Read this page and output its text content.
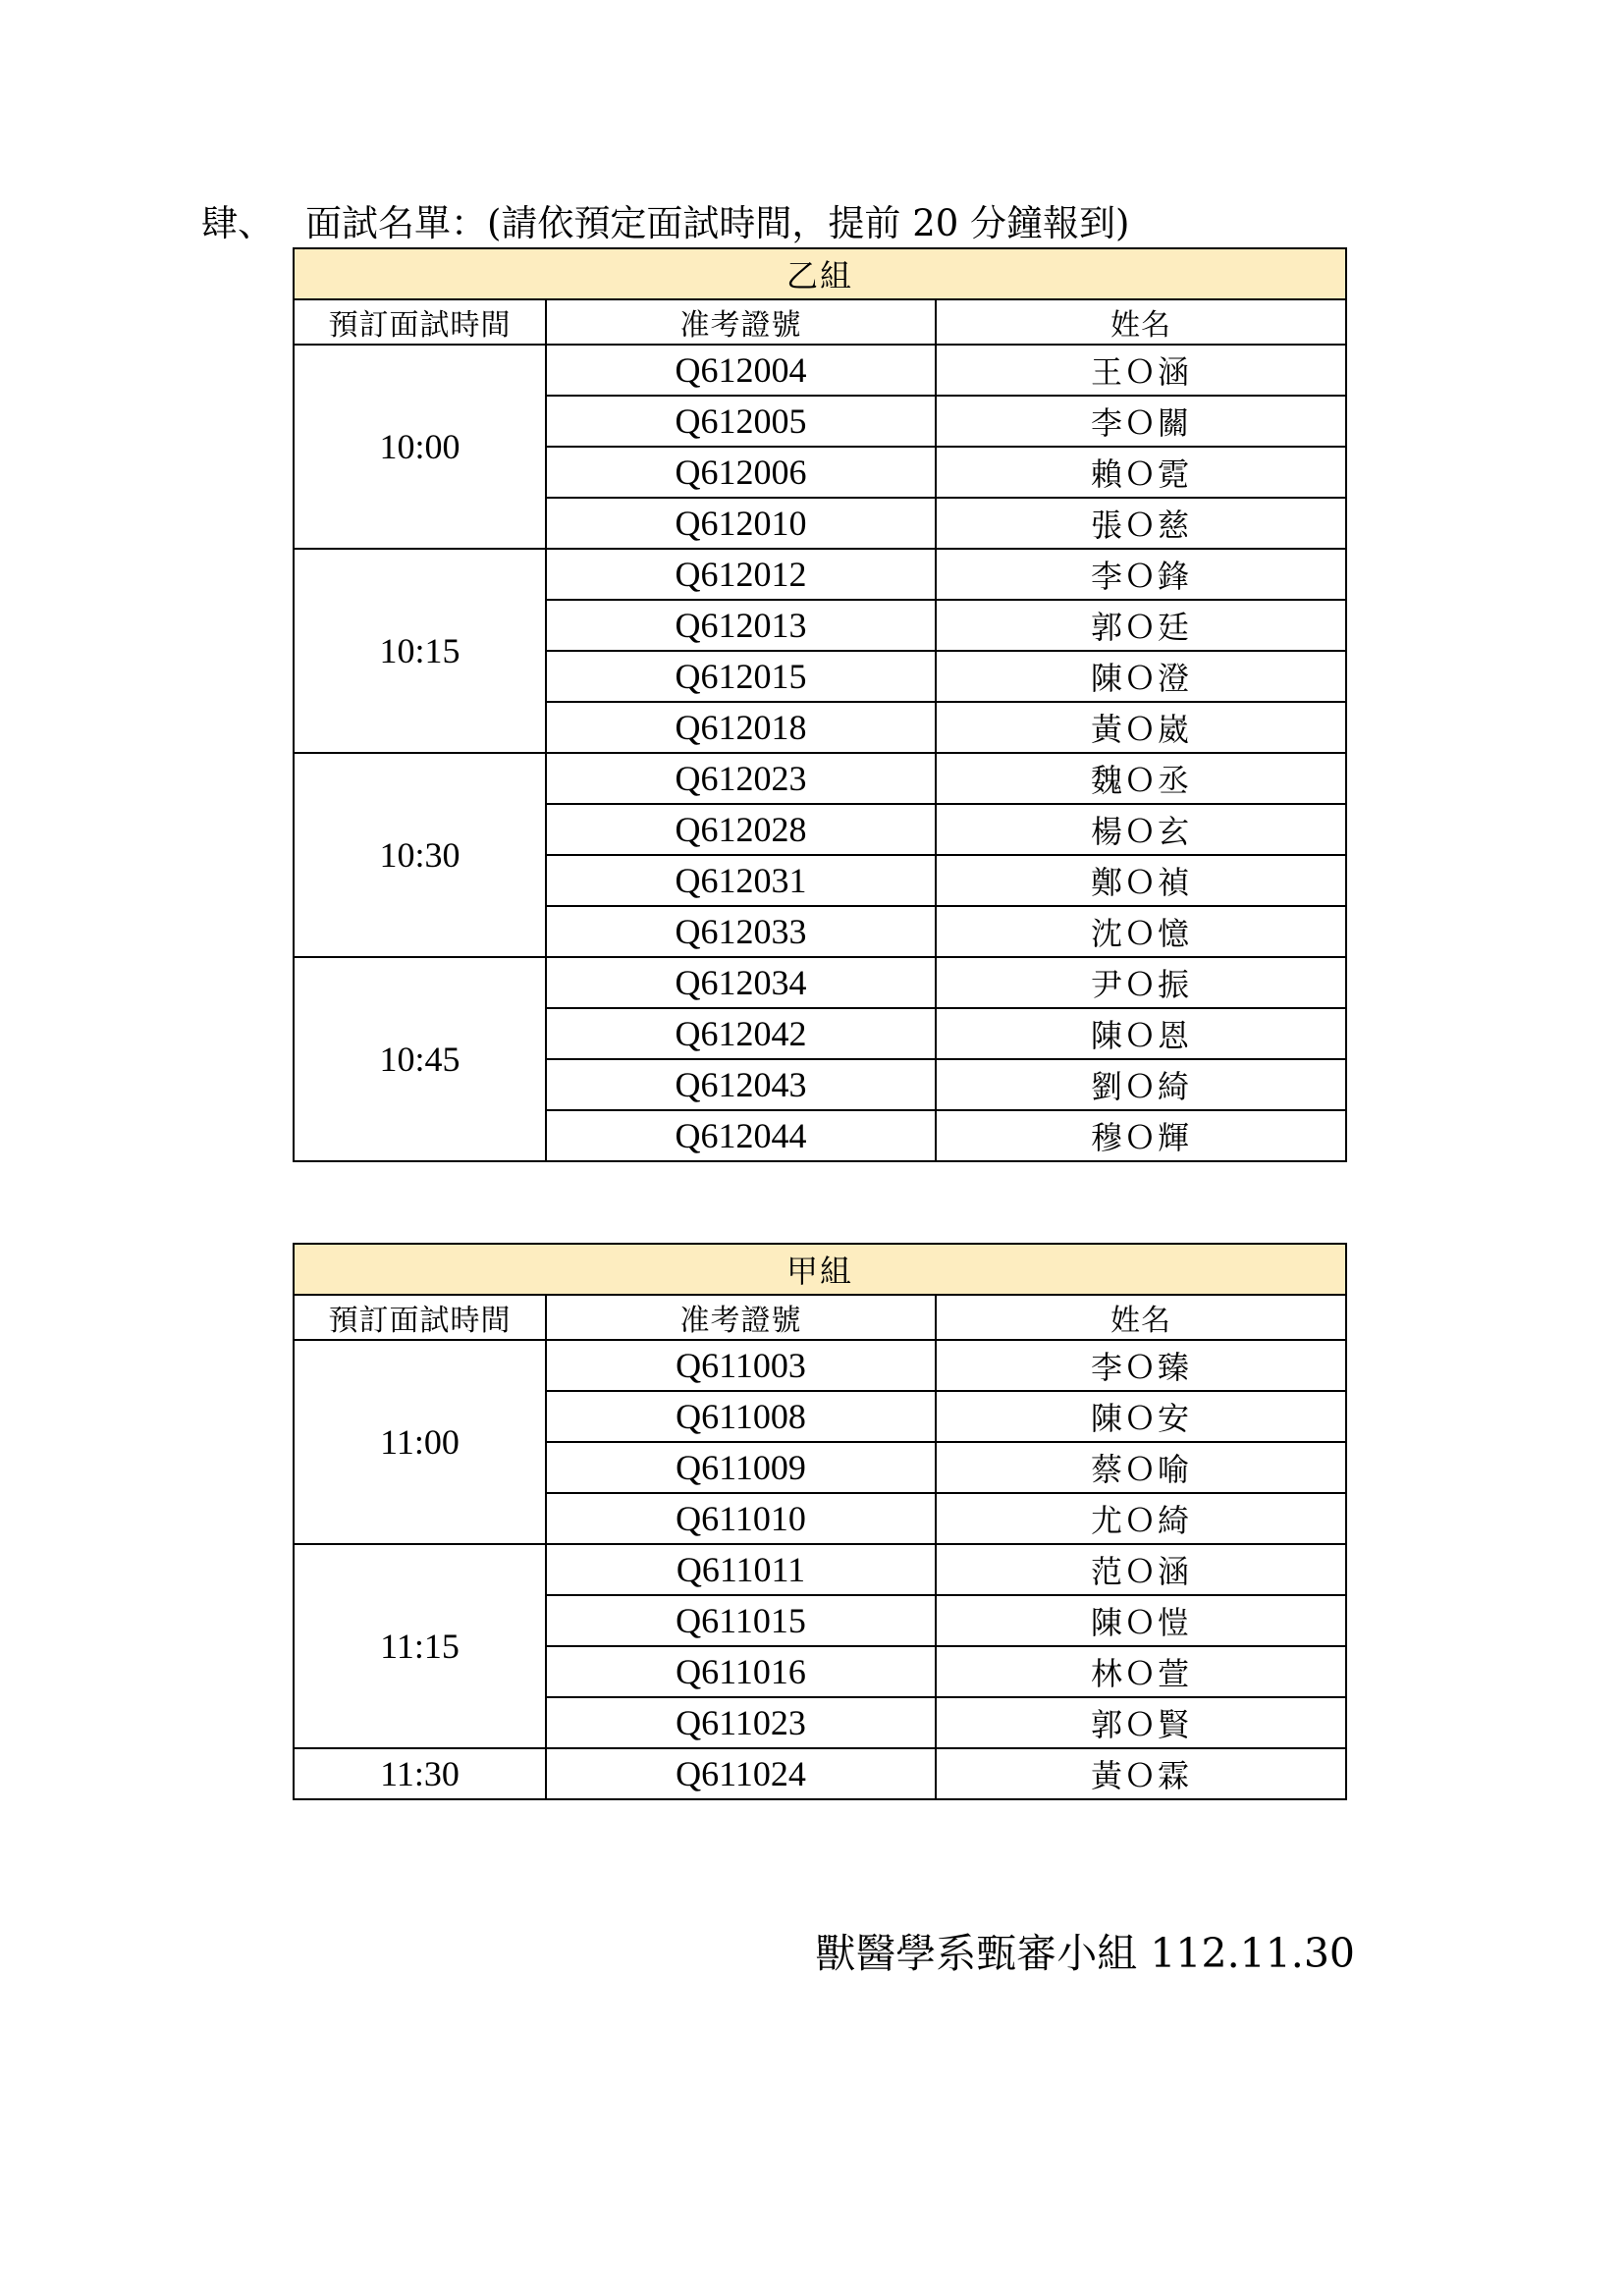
肆、 面試名單：(請依預定面試時間，提前 20 分鐘報到)
乙組		
預訂面試時間	准考證號	姓名
10:00	Q612004	王Ｏ涵
	Q612005	李Ｏ關
	Q612006	賴Ｏ霓
	Q612010	張Ｏ慈
10:15	Q612012	李Ｏ鋒
	Q612013	郭Ｏ廷
	Q612015	陳Ｏ澄
	Q612018	黃Ｏ崴
10:30	Q612023	魏Ｏ丞
	Q612028	楊Ｏ玄
	Q612031	鄭Ｏ禎
	Q612033	沈Ｏ憶
10:45	Q612034	尹Ｏ振
	Q612042	陳Ｏ恩
	Q612043	劉Ｏ綺
	Q612044	穆Ｏ輝
甲組		
預訂面試時間	准考證號	姓名
11:00	Q611003	李Ｏ臻
	Q611008	陳Ｏ安
	Q611009	蔡Ｏ喻
	Q611010	尤Ｏ綺
11:15	Q611011	范Ｏ涵
	Q611015	陳Ｏ愷
	Q611016	林Ｏ萱
	Q611023	郭Ｏ賢
11:30	Q611024	黃Ｏ霖
獸醫學系甄審小組 112.11.30
